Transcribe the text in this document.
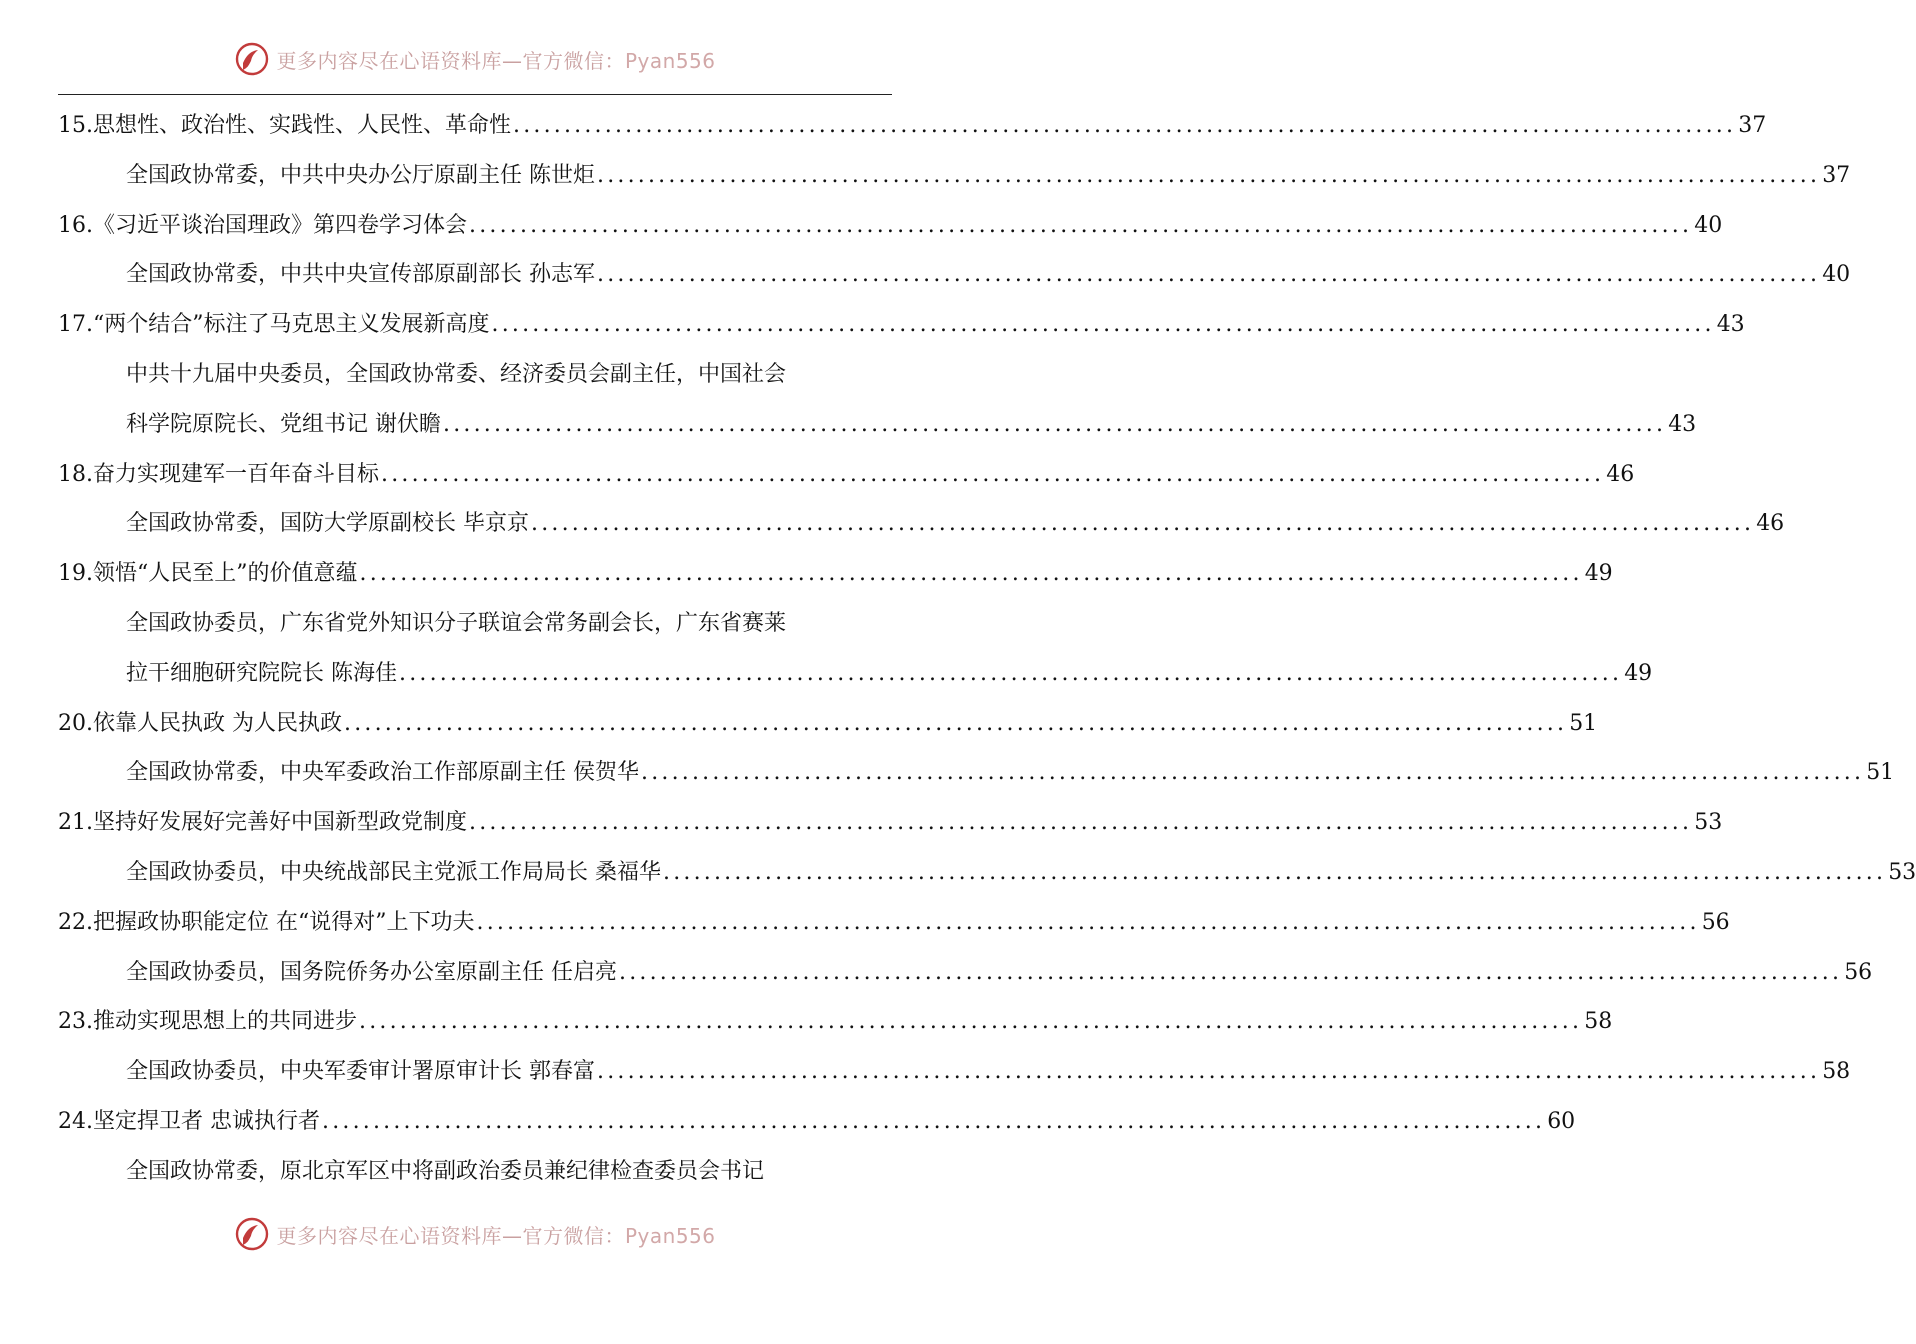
更多内容尽在心语资料库—官方微信：Pyan556
15. 思想性、政治性、实践性、人民性、革命性 ........................................................................................................................ 37
全国政协常委，中共中央办公厅原副主任 陈世炬 ........................................................................................................................ 37
16. 《习近平谈治国理政》第四卷学习体会 ........................................................................................................................ 40
全国政协常委，中共中央宣传部原副部长 孙志军 ........................................................................................................................ 40
17. “两个结合”标注了马克思主义发展新高度 ........................................................................................................................ 43
中共十九届中央委员，全国政协常委、经济委员会副主任，中国社会
科学院原院长、党组书记 谢伏瞻 ........................................................................................................................ 43
18. 奋力实现建军一百年奋斗目标 ........................................................................................................................ 46
全国政协常委，国防大学原副校长 毕京京 ........................................................................................................................ 46
19. 领悟“人民至上”的价值意蕴 ........................................................................................................................ 49
全国政协委员，广东省党外知识分子联谊会常务副会长，广东省赛莱
拉干细胞研究院院长 陈海佳 ........................................................................................................................ 49
20. 依靠人民执政 为人民执政 ........................................................................................................................ 51
全国政协常委，中央军委政治工作部原副主任 侯贺华 ........................................................................................................................ 51
21. 坚持好发展好完善好中国新型政党制度 ........................................................................................................................ 53
全国政协委员，中央统战部民主党派工作局局长 桑福华 ........................................................................................................................ 53
22. 把握政协职能定位 在“说得对”上下功夫 ........................................................................................................................ 56
全国政协委员，国务院侨务办公室原副主任 任启亮 ........................................................................................................................ 56
23. 推动实现思想上的共同进步 ........................................................................................................................ 58
全国政协委员，中央军委审计署原审计长 郭春富 ........................................................................................................................ 58
24. 坚定捍卫者 忠诚执行者 ........................................................................................................................ 60
全国政协常委，原北京军区中将副政治委员兼纪律检查委员会书记
更多内容尽在心语资料库—官方微信：Pyan556
